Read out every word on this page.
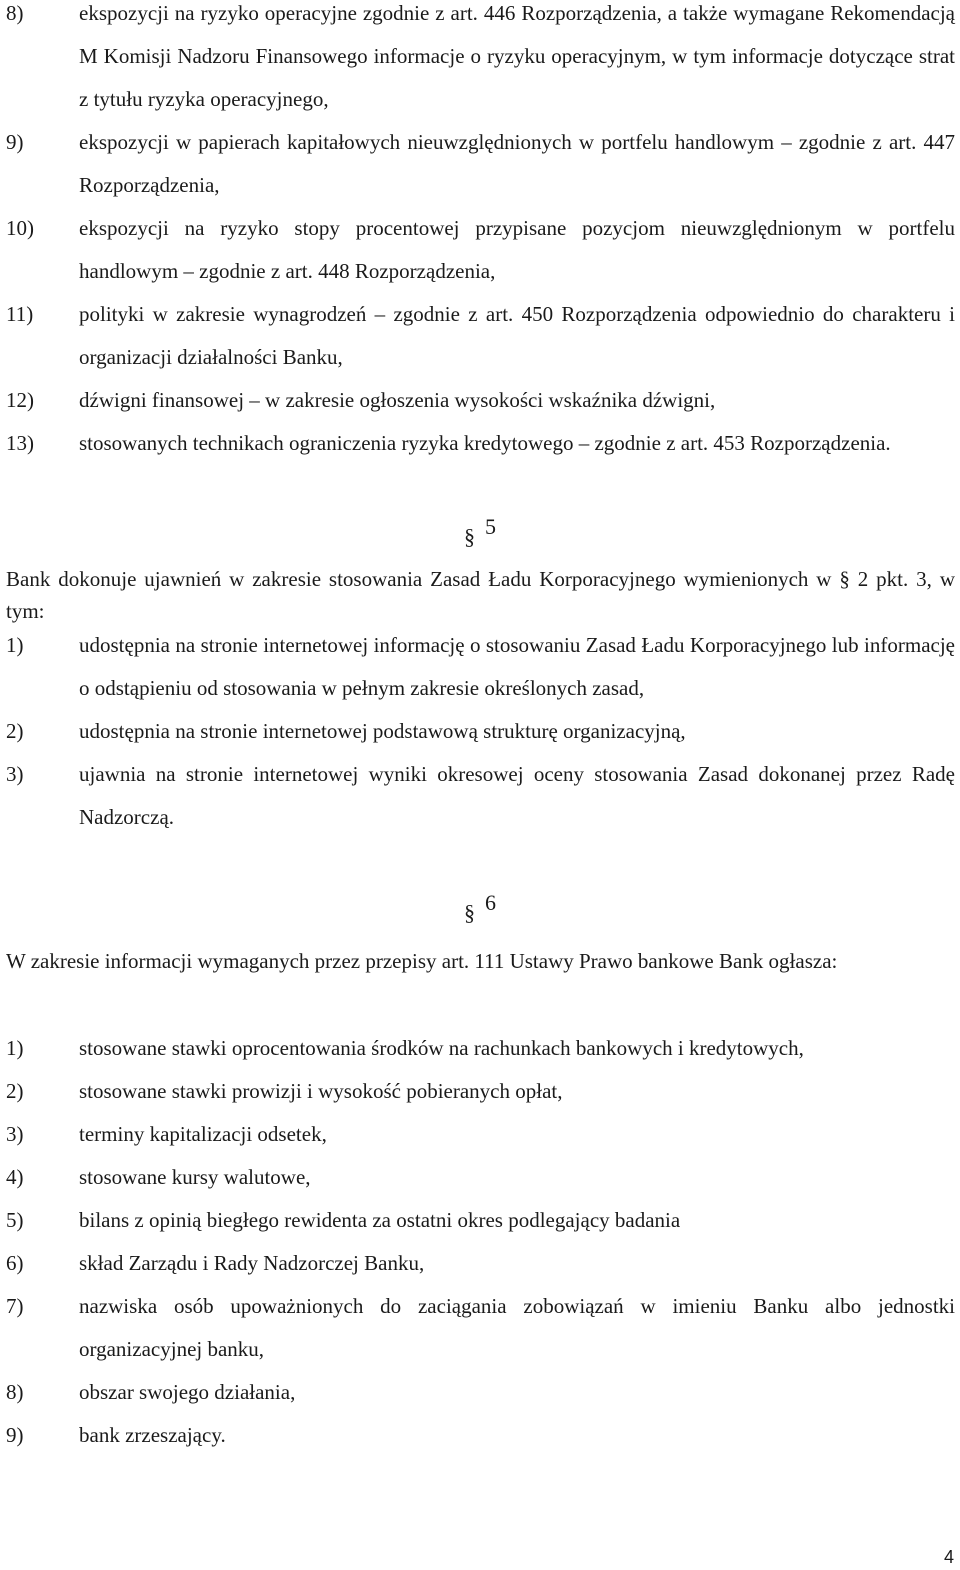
8)	ekspozycji na ryzyko operacyjne zgodnie z art. 446 Rozporządzenia, a także wymagane Rekomendacją M Komisji Nadzoru Finansowego informacje o ryzyku operacyjnym, w tym informacje dotyczące strat z tytułu ryzyka operacyjnego,
9)	ekspozycji w papierach kapitałowych nieuwzględnionych w portfelu handlowym – zgodnie z art. 447 Rozporządzenia,
10)	ekspozycji na ryzyko stopy procentowej przypisane pozycjom nieuwzględnionym w portfelu handlowym – zgodnie z art. 448 Rozporządzenia,
11)	polityki w zakresie wynagrodzeń – zgodnie z art. 450 Rozporządzenia odpowiednio do charakteru i organizacji działalności Banku,
12)	dźwigni finansowej – w zakresie ogłoszenia wysokości wskaźnika dźwigni,
13)	stosowanych technikach ograniczenia ryzyka kredytowego – zgodnie z art. 453 Rozporządzenia.
§ 5
Bank dokonuje ujawnień w zakresie stosowania Zasad Ładu Korporacyjnego wymienionych w § 2 pkt. 3, w tym:
1)	udostępnia na stronie internetowej informację o stosowaniu Zasad Ładu Korporacyjnego lub informację o odstąpieniu od stosowania w pełnym zakresie określonych zasad,
2)	udostępnia na stronie internetowej podstawową strukturę organizacyjną,
3)	ujawnia na stronie internetowej wyniki okresowej oceny stosowania Zasad dokonanej przez Radę Nadzorczą.
§ 6
W zakresie informacji wymaganych przez przepisy art. 111 Ustawy Prawo bankowe Bank ogłasza:
1)	stosowane stawki oprocentowania środków na rachunkach bankowych i kredytowych,
2)	stosowane stawki prowizji i wysokość pobieranych opłat,
3)	terminy kapitalizacji odsetek,
4)	stosowane kursy walutowe,
5)	bilans z opinią biegłego rewidenta za ostatni okres podlegający badania
6)	skład Zarządu i Rady Nadzorczej Banku,
7)	nazwiska osób upoważnionych do zaciągania zobowiązań w imieniu Banku albo jednostki organizacyjnej banku,
8)	obszar swojego działania,
9)	bank zrzeszający.
4
